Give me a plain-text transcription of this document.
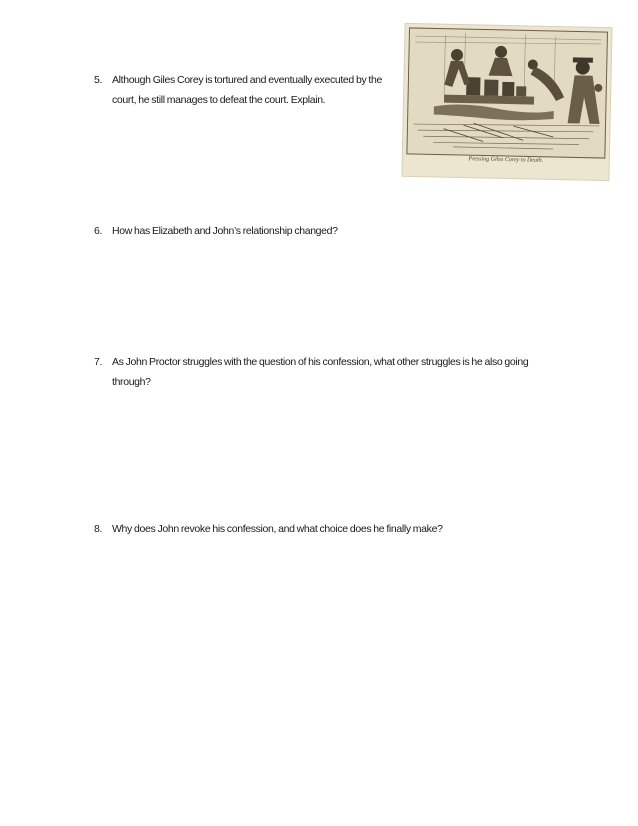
5. Although Giles Corey is tortured and eventually executed by the court, he still manages to defeat the court. Explain.
Pressing Giles Corey to Death.
6. How has Elizabeth and John’s relationship changed?
7. As John Proctor struggles with the question of his confession, what other struggles is he also going through?
8. Why does John revoke his confession, and what choice does he finally make?
